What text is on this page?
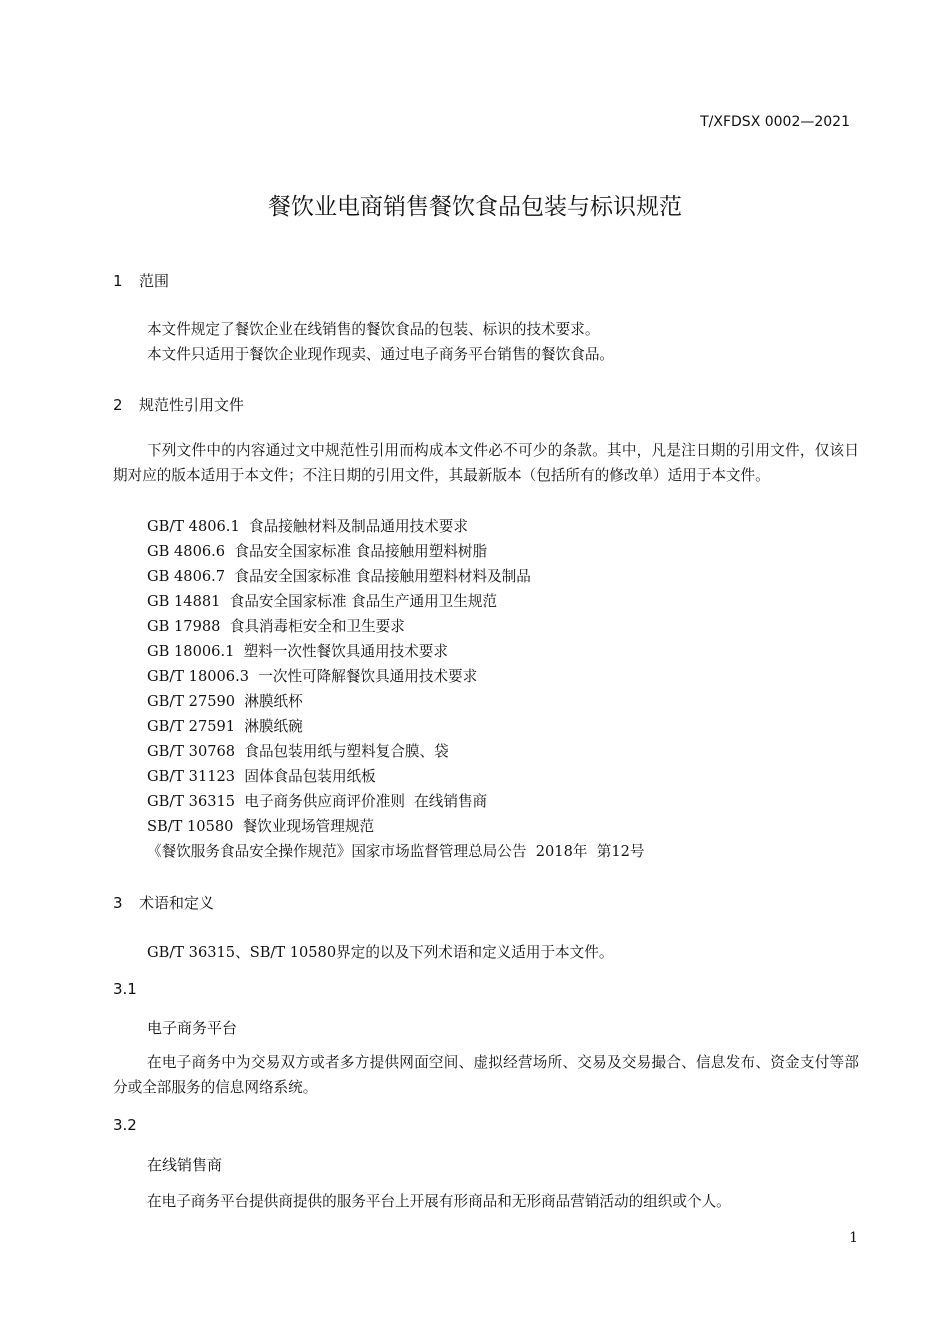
T/XFDSX 0002—2021
餐饮业电商销售餐饮食品包装与标识规范
1 范围
本文件规定了餐饮企业在线销售的餐饮食品的包装、标识的技术要求。
本文件只适用于餐饮企业现作现卖、通过电子商务平台销售的餐饮食品。
2 规范性引用文件
下列文件中的内容通过文中规范性引用而构成本文件必不可少的条款。其中，凡是注日期的引用文件，仅该日期对应的版本适用于本文件；不注日期的引用文件，其最新版本（包括所有的修改单）适用于本文件。
GB/T 4806.1  食品接触材料及制品通用技术要求
GB 4806.6  食品安全国家标准 食品接触用塑料树脂
GB 4806.7  食品安全国家标准 食品接触用塑料材料及制品
GB 14881  食品安全国家标准 食品生产通用卫生规范
GB 17988  食具消毒柜安全和卫生要求
GB 18006.1  塑料一次性餐饮具通用技术要求
GB/T 18006.3  一次性可降解餐饮具通用技术要求
GB/T 27590  淋膜纸杯
GB/T 27591  淋膜纸碗
GB/T 30768  食品包装用纸与塑料复合膜、袋
GB/T 31123  固体食品包装用纸板
GB/T 36315  电子商务供应商评价准则  在线销售商
SB/T 10580  餐饮业现场管理规范
《餐饮服务食品安全操作规范》国家市场监督管理总局公告  2018年  第12号
3 术语和定义
GB/T 36315、SB/T 10580界定的以及下列术语和定义适用于本文件。
3.1
电子商务平台
在电子商务中为交易双方或者多方提供网面空间、虚拟经营场所、交易及交易撮合、信息发布、资金支付等部分或全部服务的信息网络系统。
3.2
在线销售商
在电子商务平台提供商提供的服务平台上开展有形商品和无形商品营销活动的组织或个人。
1
